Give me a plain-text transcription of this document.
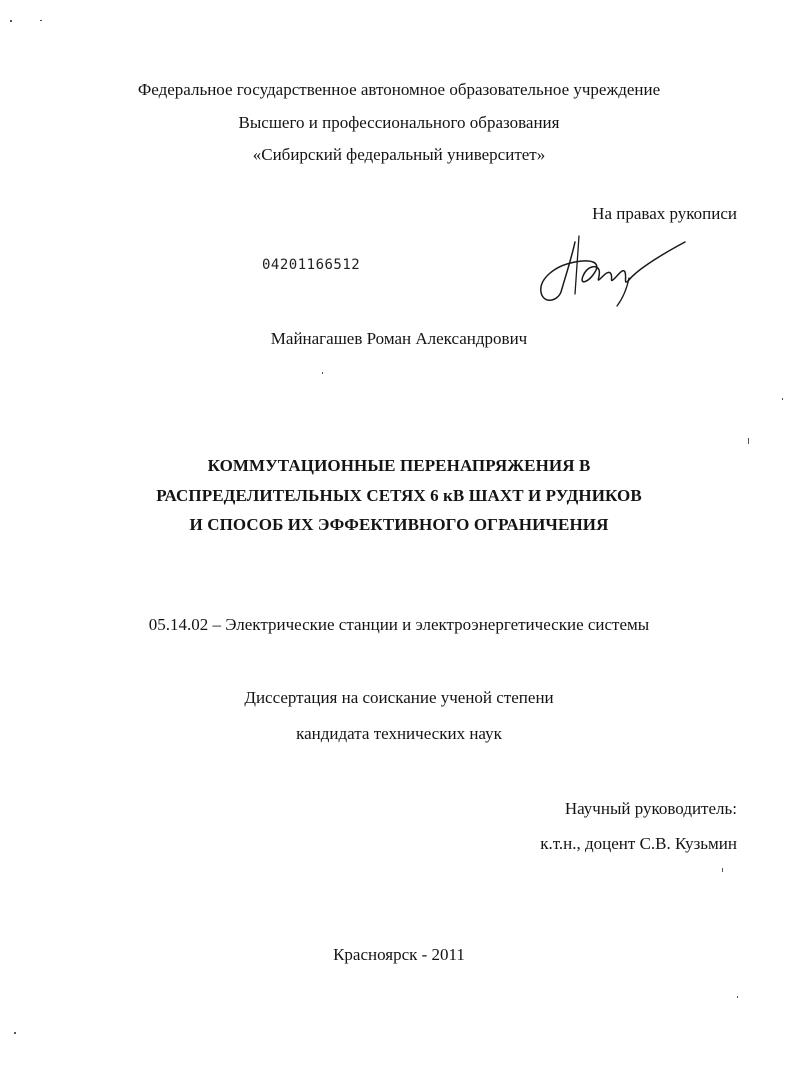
Федеральное государственное автономное образовательное учреждение
Высшего и профессионального образования
«Сибирский федеральный университет»
На правах рукописи
04201166512
Майнагашев Роман Александрович
КОММУТАЦИОННЫЕ ПЕРЕНАПРЯЖЕНИЯ В
РАСПРЕДЕЛИТЕЛЬНЫХ СЕТЯХ 6 кВ ШАХТ И РУДНИКОВ
И СПОСОБ ИХ ЭФФЕКТИВНОГО ОГРАНИЧЕНИЯ
05.14.02 – Электрические станции и электроэнергетические системы
Диссертация на соискание ученой степени
кандидата технических наук
Научный руководитель:
к.т.н., доцент С.В. Кузьмин
Красноярск - 2011
